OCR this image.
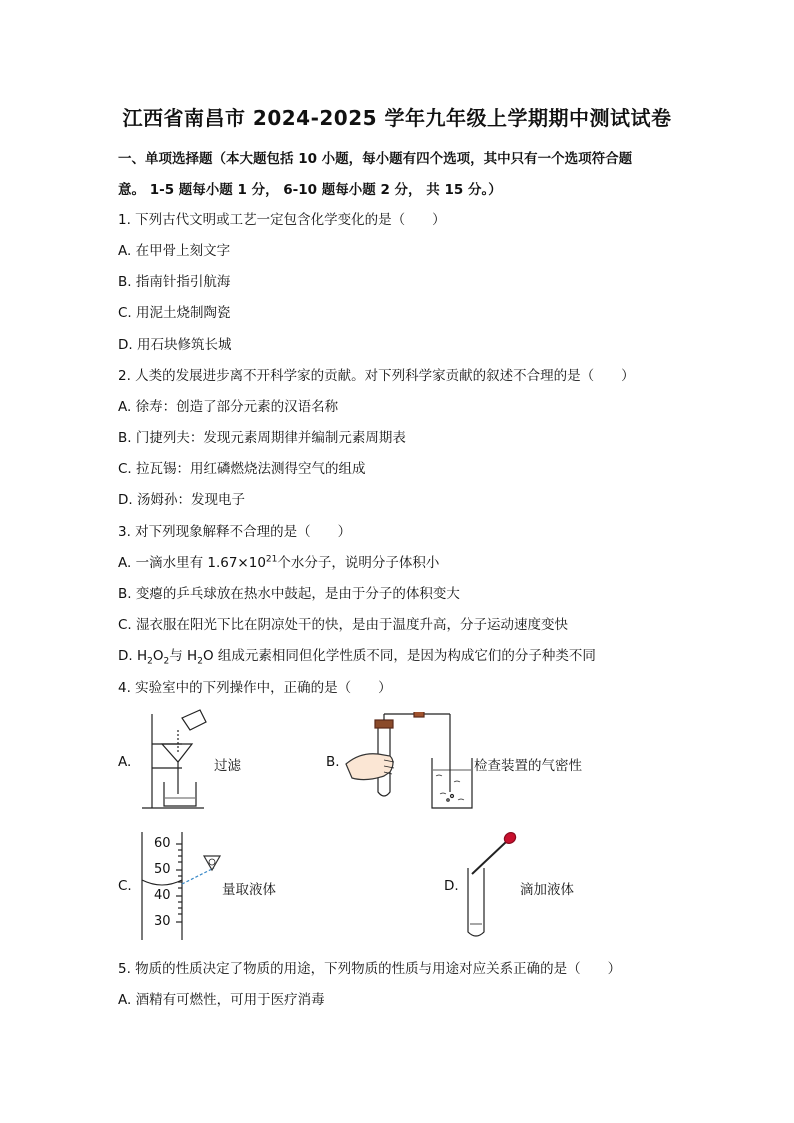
江西省南昌市 2024-2025 学年九年级上学期期中测试试卷
一、单项选择题（本大题包括 10 小题，每小题有四个选项，其中只有一个选项符合题
意。 1-5 题每小题 1 分， 6-10 题每小题 2 分， 共 15 分。）
1. 下列古代文明或工艺一定包含化学变化的是（　　）
A. 在甲骨上刻文字
B. 指南针指引航海
C. 用泥土烧制陶瓷
D. 用石块修筑长城
2. 人类的发展进步离不开科学家的贡献。对下列科学家贡献的叙述不合理的是（　　）
A. 徐寿：创造了部分元素的汉语名称
B. 门捷列夫：发现元素周期律并编制元素周期表
C. 拉瓦锡：用红磷燃烧法测得空气的组成
D. 汤姆孙：发现电子
3. 对下列现象解释不合理的是（　　）
A. 一滴水里有 $1.67\times 10^{21}$个水分子，说明分子体积小
B. 变瘪的乒乓球放在热水中鼓起，是由于分子的体积变大
C. 湿衣服在阳光下比在阴凉处干的快，是由于温度升高，分子运动速度变快
D. $H_2O_2$与 $H_2O$ 组成元素相同但化学性质不同，是因为构成它们的分子种类不同
4. 实验室中的下列操作中，正确的是（　　）
A.	过滤	B.	检查装置的气密性
C.
60
50
40
30
量取液体	D.	滴加液体
5. 物质的性质决定了物质的用途，下列物质的性质与用途对应关系正确的是（　　）
A. 酒精有可燃性，可用于医疗消毒
